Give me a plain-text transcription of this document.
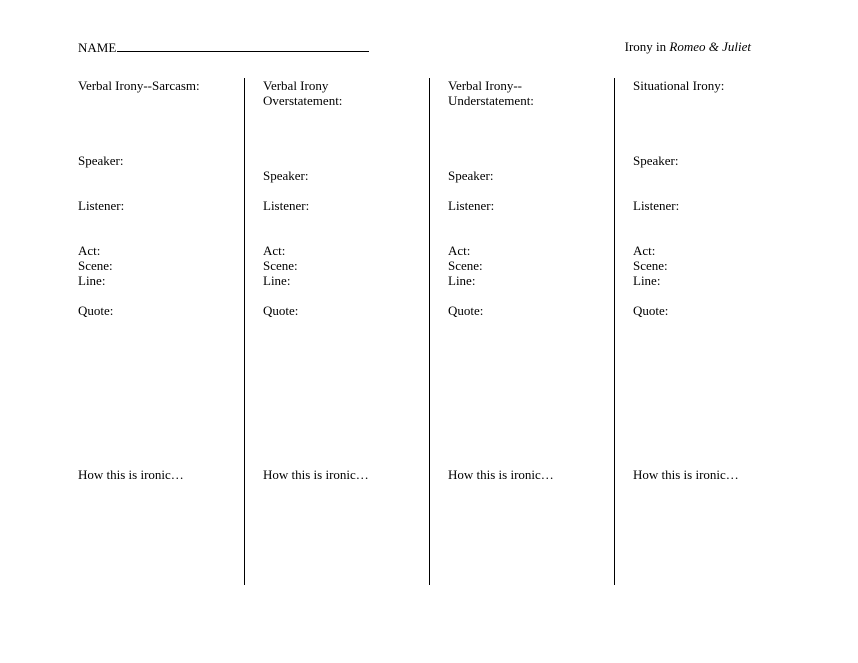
NAME	Irony in Romeo & Juliet
Verbal Irony--Sarcasm:
Speaker:
Listener:
Act:
Scene:
Line:
Quote:
How this is ironic…
Verbal Irony
Overstatement:
Speaker:
Listener:
Act:
Scene:
Line:
Quote:
How this is ironic…
Verbal Irony--
Understatement:
Speaker:
Listener:
Act:
Scene:
Line:
Quote:
How this is ironic…
Situational Irony:
Speaker:
Listener:
Act:
Scene:
Line:
Quote:
How this is ironic…
